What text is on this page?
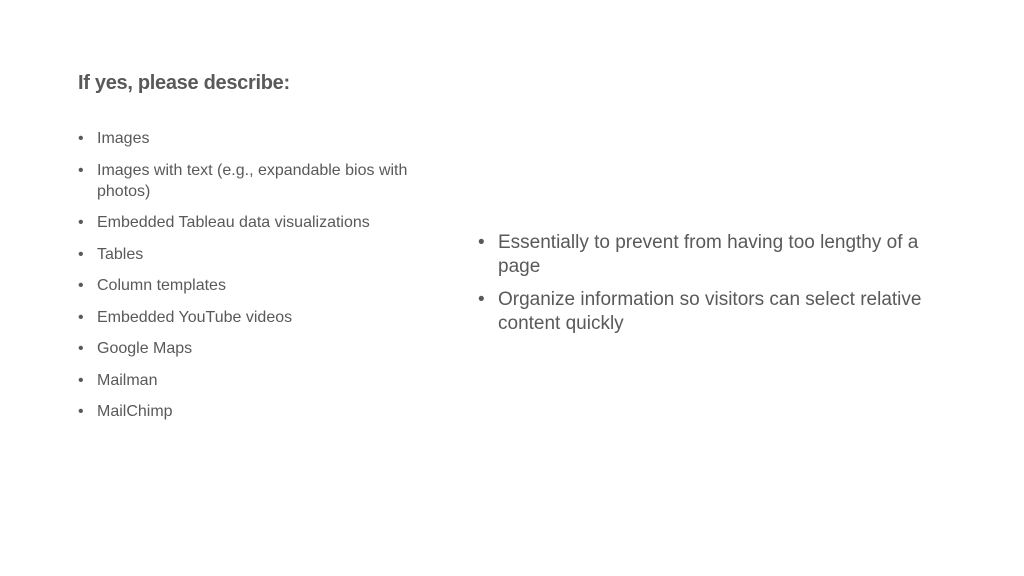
If yes, please describe:
• Images
• Images with text (e.g., expandable bios with photos)
• Embedded Tableau data visualizations
• Tables
• Column templates
• Embedded YouTube videos
• Google Maps
• Mailman
• MailChimp
• Essentially to prevent from having too lengthy of a page
• Organize information so visitors can select relative content quickly
